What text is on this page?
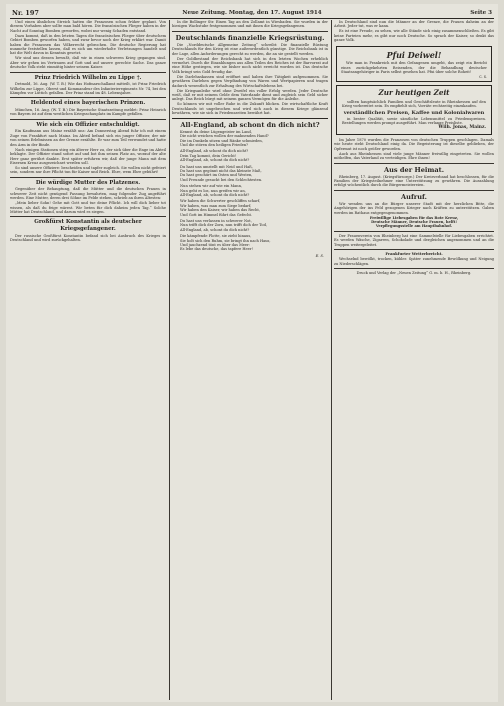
Nr. 197	Neue Zeitung. Montag, den 17. August 1914	Seite 3

Und einen ähnlichen Streich hatten die Franzosen schon früher geplant. Von diesem Vorhaben aber sollte man bald hören. Die französischen Flieger haben in der Nacht auf Sonntag Bomben geworfen, wobei nur wenig Schaden entstand.

Dazu kommt, daß in den letzten Tagen die französischen Flieger über deutschem Gebiet Bomben geworfen haben, und zwar bevor noch der Krieg erklärt war. Damit haben die Franzosen das Völkerrecht gebrochen. Die deutsche Regierung hat nunmehr feststellen lassen, daß es sich um wiederholte Verletzungen handelt und hat die Welt davon in Kenntnis gesetzt.

Wir sind uns dessen bewußt, daß wir in einen schweren Krieg gegangen sind. Aber wir gehen im Vertrauen auf Gott und auf unsere gerechte Sache. Das ganze deutsche Volk steht einmütig hinter seinem Kaiser.

Prinz Friedrich Wilhelm zu Lippe †.

Detmold, 16. Aug. (W. T. B.) Wie das Hofmarschallamt mitteilt, ist Prinz Friedrich Wilhelm zur Lippe, Oberst und Kommandeur des Infanterieregiments Nr. 74, bei den Kämpfen vor Lüttich gefallen. Der Prinz stand im 48. Lebensjahre.

Heldentod eines bayerischen Prinzen.

München, 16. Aug. (W. T. B.) Die Bayerische Staatszeitung meldet: Prinz Heinrich von Bayern ist auf dem westlichen Kriegsschauplatz im Kampfe gefallen.

Wie sich ein Offizier entschuldigt.

Ein Kaufmann aus Mainz erzählt uns: Am Donnerstag Abend fuhr ich mit einem Zuge von Frankfurt nach Mainz. Im Abteil befand sich ein junger Offizier, der mir von seinen Erlebnissen an der Grenze erzählte. Er war zum Teil verwundet und hatte den Arm in der Binde.

Nach einigen Stationen stieg ein älterer Herr zu, der sich über die Enge im Abteil beklagte. Der Offizier stand sofort auf und bot ihm seinen Platz an, worauf der alte Herr ganz gerührt dankte. Erst später erfuhren wir, daß der junge Mann mit dem Eisernen Kreuz ausgezeichnet werden soll.

So sind unsere Offiziere: bescheiden und tapfer zugleich. Sie wollen nicht gefeiert sein, sondern nur ihre Pflicht tun für Kaiser und Reich. Ehre, wem Ehre gebührt!

Die würdige Mutter des Platzenes.

Gegenüber der Behauptung, daß die Mütter und die deutschen Frauen in schwerer Zeit nicht genügend Fassung bewahrten, mag folgender Zug angeführt werden. Eine Mutter, deren drei Söhne im Felde stehen, schrieb an ihren Ältesten:

„Mein lieber Sohn! Gehe mit Gott und tue deine Pflicht. Ich will dich lieber tot wissen, als daß du feige wärest. Wir beten für dich daheim jeden Tag.“ Solche Mütter hat Deutschland, und darum wird es siegen.

Großfürst Konstantin als deutscher Kriegsgefangener.

Der russische Großfürst Konstantin befand sich bei Ausbruch des Krieges in Deutschland und wird zurückgehalten.

In die Bollinger Str. Einen Tag an den Zollamt in Wiesbaden. Sie wurden in der hiesigen Wachstube festgenommen und mit ihnen die Kriegsgefangenen.

Deutschlands finanzielle Kriegsrüstung.

Die „Norddeutsche Allgemeine Zeitung“ schreibt: Die finanzielle Rüstung Deutschlands für den Krieg ist eine außerordentlich günstige. Die Reichsbank ist in der Lage, allen Anforderungen gerecht zu werden, die an sie gestellt werden.

Der Goldbestand der Reichsbank hat sich in den letzten Wochen erheblich vermehrt. Durch die Einzahlungen aus allen Teilen des Reiches ist der Barvorrat auf eine Höhe gestiegen, wie sie bisher noch nicht erreicht worden ist. Das deutsche Volk bringt sein Gold freudig dar.

Die Darlehnskassen sind eröffnet und haben ihre Tätigkeit aufgenommen. Sie gewähren Darlehen gegen Verpfändung von Waren und Wertpapieren und tragen dadurch wesentlich zur Erhaltung des Wirtschaftslebens bei.

Die Kriegsanleihe wird ohne Zweifel ein voller Erfolg werden. Jeder Deutsche weiß, daß er mit seinem Gelde dem Vaterlande dient und zugleich sein Geld sicher anlegt. Das Reich bürgt mit seinem ganzen Vermögen für die Anleihe.

So können wir mit voller Ruhe in die Zukunft blicken. Die wirtschaftliche Kraft Deutschlands ist ungebrochen und wird sich auch in diesem Kriege glänzend bewähren, wie sie sich in Friedenszeiten bewährt hat.

All-England, ab schont dn dich nicht?
Kennst du deine Lügengeister im Land,
Die nicht weichen wollen der mahnenden Hand?
Die im Dunkeln sitzen und Ränke schmieden,
Und die stören den heiligen Frieden?
All-England, ab schont du dich nicht?
Dein Tag kommt, dein Gericht!
All-England, ab, schont du dich nicht?
Du hast uns umstellt mit Neid und Haß,
Du hast uns gegönnt nicht das kleinste Maß,
Du hast geschürt im Osten und Westen,
Und Freunde gesucht bei den Schlechtesten.
Nun stehen wir auf wie ein Mann,
Nun geht es los, nun greifen wir an,
All-England, ab, schont du dich nicht?
Wir haben die Schwerter geschliffen scharf,
Wir haben, was man zum Siege bedarf,
Wir haben den Kaiser, wir haben das Recht,
Und Gott im Himmel führt das Gefecht.
Du hast uns verlassen in schwerer Not,
Nun trifft dich der Zorn, nun trifft dich der Tod,
All-England, ab, schont du dich nicht?
Die kämpfende Flotte, sie zieht hinaus,
Sie holt sich den Ruhm, sie bringt ihn nach Haus,
Und jauchzend tönt es über das Meer:
Es lebe das deutsche, das tapfere Heer!
E. S.

In Deutschland sind nun die Männer an der Grenze, die Frauen daheim an der Arbeit. Jeder tut, was er kann.

Es ist eine Freude, zu sehen, wie alle Stände sich einig zusammenschließen. Es gibt keine Parteien mehr, es gibt nur noch Deutsche. So sprach der Kaiser, so denkt das ganze Volk.

Pfui Deiwel!

Wie man in Frankreich mit den Gefangenen umgeht, das zeigt ein Bericht eines zurückgekehrten Reisenden, der die Behandlung deutscher Staatsangehöriger in Paris selbst gesehen hat. Pfui über solche Roheit!

C. S.
Zur heutigen Zeit

sollten hauptsächlich Familien und Geschäftsleute in Rheinhessen auf den Krieg vorbereitet sein. Es empfiehlt sich, Vorräte rechtzeitig einzukaufen.

verständlichen Preisen, Kaffee und Kolonialwaren

in bester Qualität, sowie sämtliche Lebensmittel zu Friedenspreisen. Bestellungen werden prompt ausgeführt. Man verlange Preisliste.

Wilh. Jonas, Mainz.

Im Jahre 1870 wurden die Franzosen von deutschen Truppen geschlagen. Damals wie heute steht Deutschland einig da. Die Begeisterung ist dieselbe geblieben, der Opfermut ist noch größer geworden.

Auch aus Rheinhessen sind viele junge Männer freiwillig eingetreten. Sie wollen mithelfen, das Vaterland zu verteidigen. Ehre ihnen!

Aus der Heimat.

Rheinberg, 17. August. (Kriegsfürsorge.) Der Kreisverband hat beschlossen, für die Familien der Kriegsteilnehmer eine Unterstützung zu gewähren. Die Auszahlung erfolgt wöchentlich durch die Bürgermeistereien.

Aufruf.

Wir wenden uns an die Bürger unserer Stadt mit der herzlichen Bitte, die Angehörigen der ins Feld gezogenen Krieger nach Kräften zu unterstützen. Gaben werden im Rathaus entgegengenommen.

Freiwillige Liebesgaben für das Rote Kreuz,
Deutsche Männer, Deutsche Frauen, helft!
Verpflegungsstelle am Hauptbahnhof.

Der Frauenverein von Rheinberg hat eine Sammelstelle für Liebesgaben errichtet. Es werden Wäsche, Zigarren, Schokolade und dergleichen angenommen und an die Truppen weitergeleitet.

Frankfurter Wetterbericht.

Wechselnd bewölkt, trocken, kühler. Später zunehmende Bewölkung und Neigung zu Niederschlägen.

Druck und Verlag der „Neuen Zeitung“ G. m. b. H., Rheinberg.
